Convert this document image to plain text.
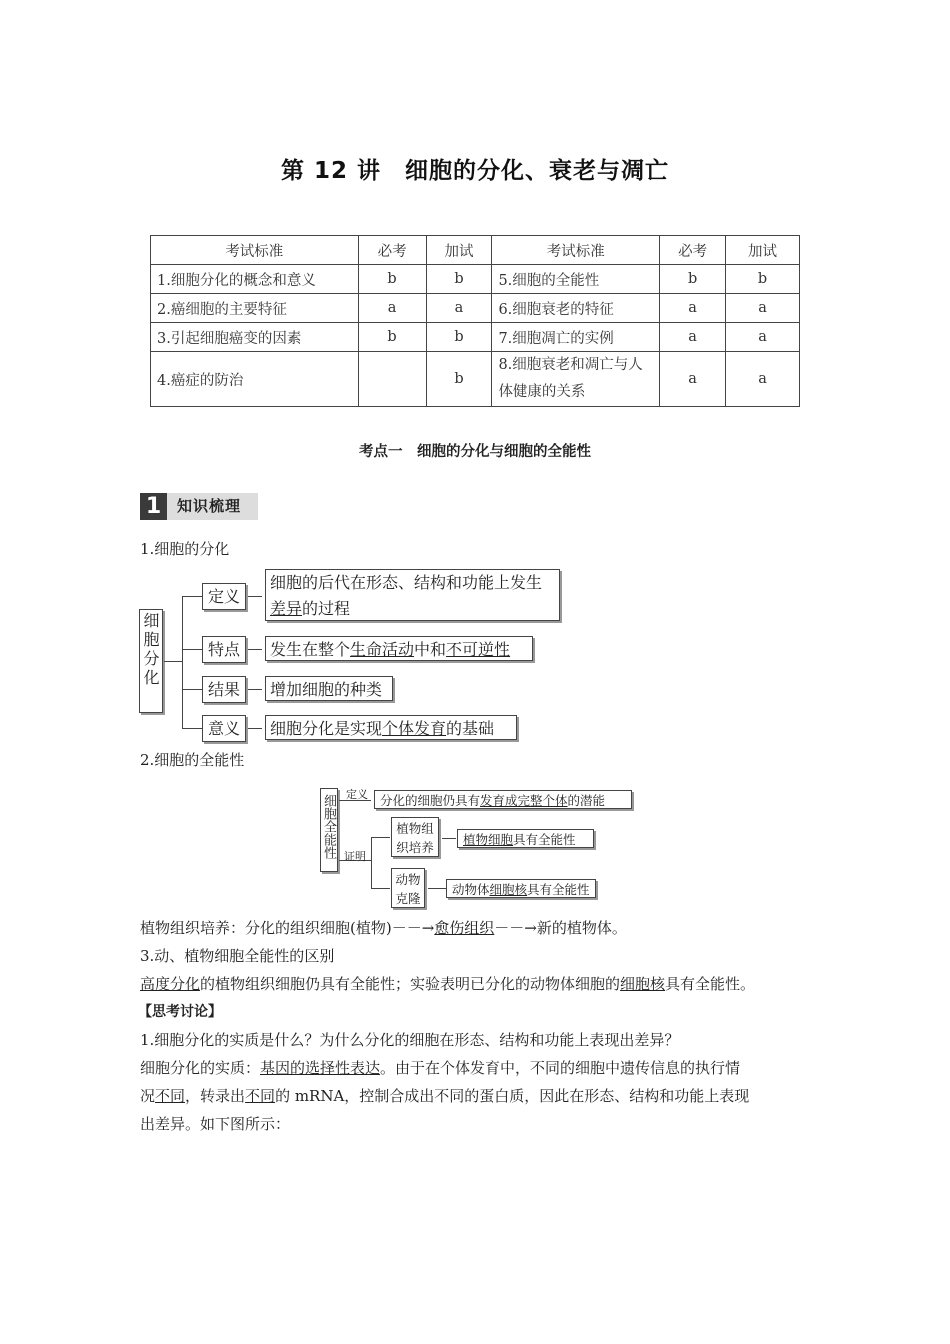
第 12 讲　细胞的分化、衰老与凋亡
考试标准	必考	加试	考试标准	必考	加试
1.细胞分化的概念和意义	b	b	5.细胞的全能性	b	b
2.癌细胞的主要特征	a	a	6.细胞衰老的特征	a	a
3.引起细胞癌变的因素	b	b	7.细胞凋亡的实例	a	a
4.癌症的防治		b	8.细胞衰老和凋亡与人体健康的关系	a	a
考点一　细胞的分化与细胞的全能性
1	知识梳理
1.细胞的分化
细胞分化
定义
特点
结果
意义
细胞的后代在形态、结构和功能上发生
差异的过程
发生在整个生命活动中和不可逆性
增加细胞的种类
细胞分化是实现个体发育的基础
2.细胞的全能性
细胞全能性 定义
证明
分化的细胞仍具有发育成完整个体的潜能
植物组织培养
植物细胞具有全能性
动物克隆
动物体细胞核具有全能性
植物组织培养：分化的组织细胞(植物)－－→愈伤组织－－→新的植物体。
3.动、植物细胞全能性的区别
高度分化的植物组织细胞仍具有全能性；实验表明已分化的动物体细胞的细胞核具有全能性。
【思考讨论】
1.细胞分化的实质是什么？为什么分化的细胞在形态、结构和功能上表现出差异？
细胞分化的实质：基因的选择性表达。由于在个体发育中，不同的细胞中遗传信息的执行情
况不同，转录出不同的 mRNA，控制合成出不同的蛋白质，因此在形态、结构和功能上表现
出差异。如下图所示：
